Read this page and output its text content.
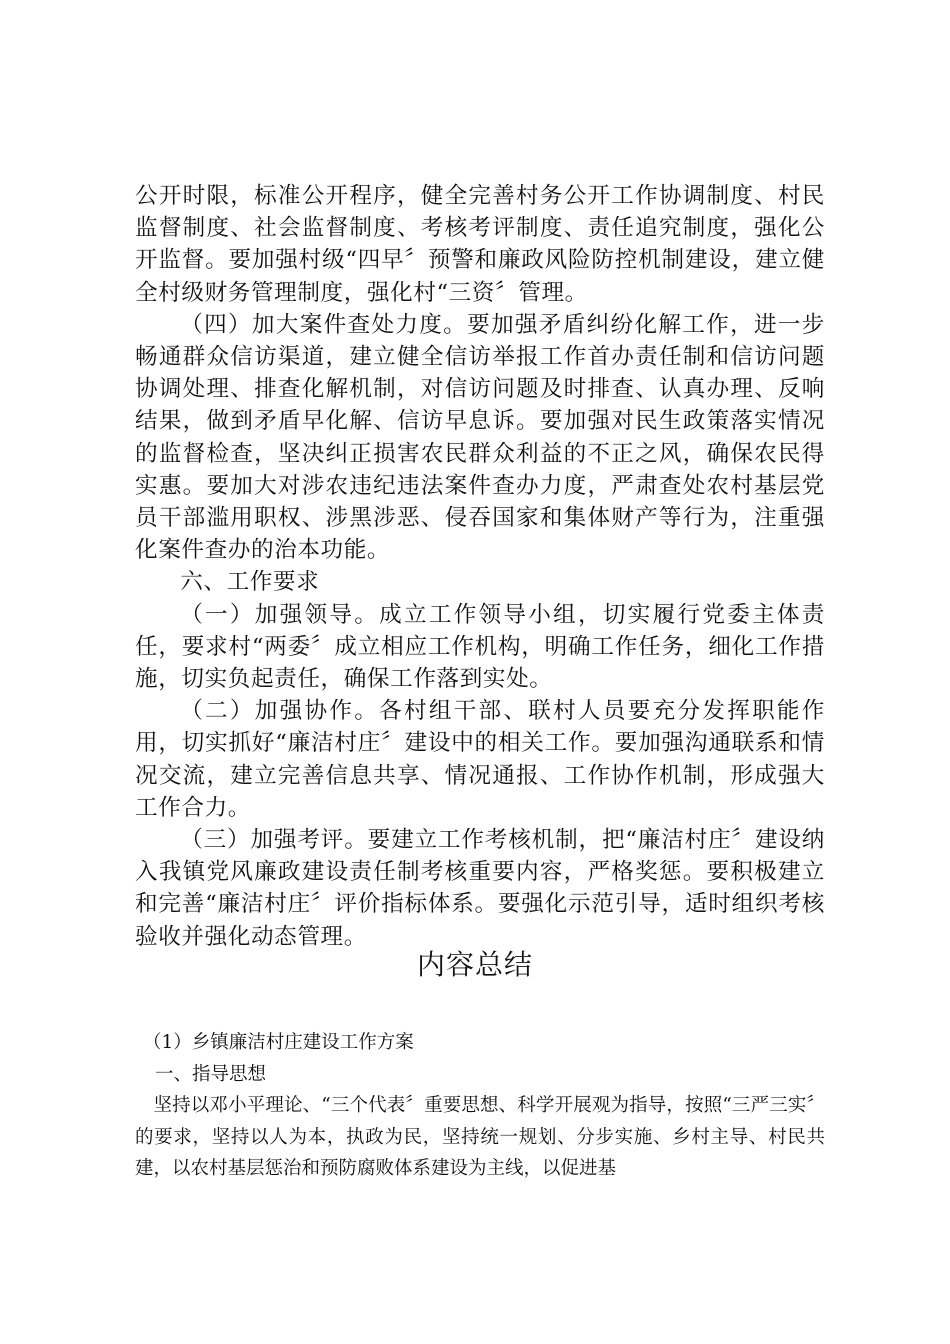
公开时限，标准公开程序，健全完善村务公开工作协调制度、村民监督制度、社会监督制度、考核考评制度、责任追究制度，强化公开监督。要加强村级“四早〞预警和廉政风险防控机制建设，建立健全村级财务管理制度，强化村“三资〞管理。

（四）加大案件查处力度。要加强矛盾纠纷化解工作，进一步畅通群众信访渠道，建立健全信访举报工作首办责任制和信访问题协调处理、排查化解机制，对信访问题及时排查、认真办理、反响结果，做到矛盾早化解、信访早息诉。要加强对民生政策落实情况的监督检查，坚决纠正损害农民群众利益的不正之风，确保农民得实惠。要加大对涉农违纪违法案件查办力度，严肃查处农村基层党员干部滥用职权、涉黑涉恶、侵吞国家和集体财产等行为，注重强化案件查办的治本功能。

六、工作要求

（一）加强领导。成立工作领导小组，切实履行党委主体责任，要求村“两委〞成立相应工作机构，明确工作任务，细化工作措施，切实负起责任，确保工作落到实处。

（二）加强协作。各村组干部、联村人员要充分发挥职能作用，切实抓好“廉洁村庄〞建设中的相关工作。要加强沟通联系和情况交流，建立完善信息共享、情况通报、工作协作机制，形成强大工作合力。

（三）加强考评。要建立工作考核机制，把“廉洁村庄〞建设纳入我镇党风廉政建设责任制考核重要内容，严格奖惩。要积极建立和完善“廉洁村庄〞评价指标体系。要强化示范引导，适时组织考核验收并强化动态管理。

内容总结

（1）乡镇廉洁村庄建设工作方案

一、指导思想

坚持以邓小平理论、“三个代表〞重要思想、科学开展观为指导，按照“三严三实〞的要求，坚持以人为本，执政为民，坚持统一规划、分步实施、乡村主导、村民共建，以农村基层惩治和预防腐败体系建设为主线，以促进基
